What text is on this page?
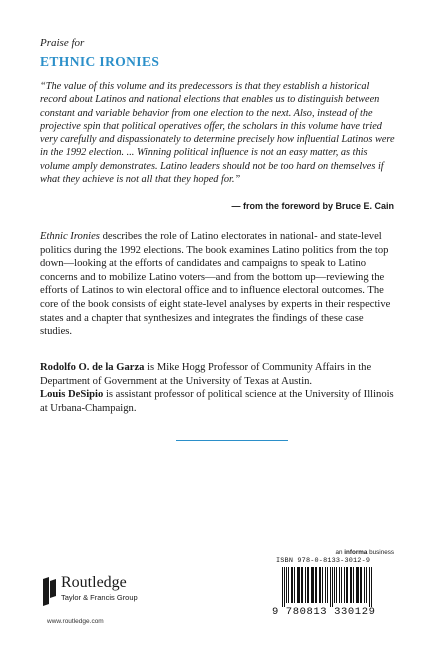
Praise for
ETHNIC IRONIES

“The value of this volume and its predecessors is that they establish a historical record about Latinos and national elections that enables us to distinguish between constant and variable behavior from one election to the next. Also, instead of the projective spin that political operatives offer, the scholars in this volume have tried very carefully and dispassionately to determine precisely how influential Latinos were in the 1992 election. ... Winning political influence is not an easy matter, as this volume amply demonstrates. Latino leaders should not be too hard on themselves if what they achieve is not all that they hoped for.”

— from the foreword by Bruce E. Cain

Ethnic Ironies describes the role of Latino electorates in national- and state-level politics during the 1992 elections. The book examines Latino politics from the top down—looking at the efforts of candidates and campaigns to speak to Latino concerns and to mobilize Latino voters—and from the bottom up—reviewing the efforts of Latinos to win electoral office and to influence electoral outcomes. The core of the book consists of eight state-level analyses by experts in their respective states and a chapter that synthesizes and integrates the findings of these case studies.

Rodolfo O. de la Garza is Mike Hogg Professor of Community Affairs in the Department of Government at the University of Texas at Austin.
Louis DeSipio is assistant professor of political science at the University of Illinois at Urbana-Champaign.

Routledge
Taylor & Francis Group
www.routledge.com
an informa business
ISBN 978-0-8133-3012-9
9 780813 330129
